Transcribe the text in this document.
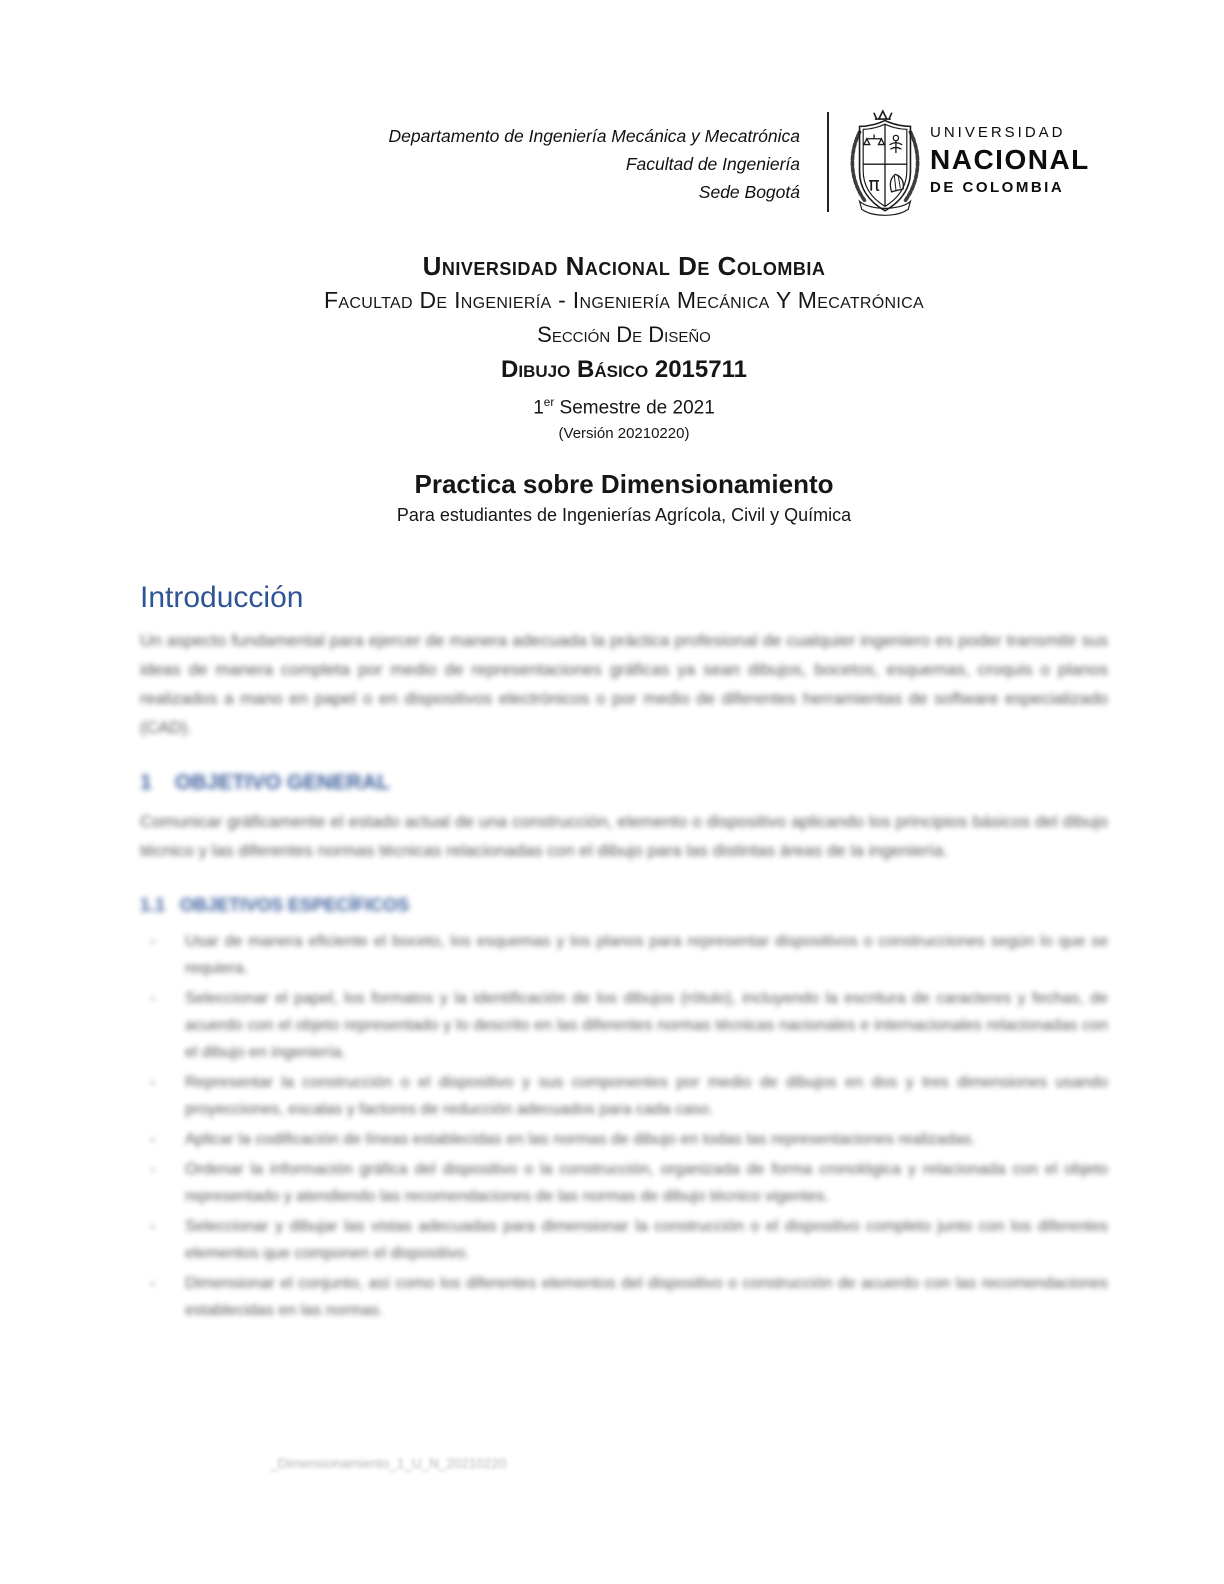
Departamento de Ingeniería Mecánica y Mecatrónica
Facultad de Ingeniería
Sede Bogotá	π
UNIVERSIDAD
NACIONAL
DE COLOMBIA
Universidad Nacional De Colombia
Facultad De Ingeniería - Ingeniería Mecánica Y Mecatrónica
Sección De Diseño
Dibujo Básico 2015711
1er Semestre de 2021
(Versión 20210220)
Practica sobre Dimensionamiento
Para estudiantes de Ingenierías Agrícola, Civil y Química
Introducción

Un aspecto fundamental para ejercer de manera adecuada la práctica profesional de cualquier ingeniero es poder transmitir sus ideas de manera completa por medio de representaciones gráficas ya sean dibujos, bocetos, esquemas, croquis o planos realizados a mano en papel o en dispositivos electrónicos o por medio de diferentes herramientas de software especializado (CAD).

1    OBJETIVO GENERAL

Comunicar gráficamente el estado actual de una construcción, elemento o dispositivo aplicando los principios básicos del dibujo técnico y las diferentes normas técnicas relacionadas con el dibujo para las distintas áreas de la ingeniería.

1.1   OBJETIVOS ESPECÍFICOS
-	Usar de manera eficiente el boceto, los esquemas y los planos para representar dispositivos o construcciones según lo que se requiera.
-	Seleccionar el papel, los formatos y la identificación de los dibujos (rótulo), incluyendo la escritura de caracteres y fechas, de acuerdo con el objeto representado y lo descrito en las diferentes normas técnicas nacionales e internacionales relacionadas con el dibujo en ingeniería.
-	Representar la construcción o el dispositivo y sus componentes por medio de dibujos en dos y tres dimensiones usando proyecciones, escalas y factores de reducción adecuados para cada caso.
-	Aplicar la codificación de líneas establecidas en las normas de dibujo en todas las representaciones realizadas.
-	Ordenar la información gráfica del dispositivo o la construcción, organizada de forma cronológica y relacionada con el objeto representado y atendiendo las recomendaciones de las normas de dibujo técnico vigentes.
-	Seleccionar y dibujar las vistas adecuadas para dimensionar la construcción o el dispositivo completo junto con los diferentes elementos que componen el dispositivo.
-	Dimensionar el conjunto, así como los diferentes elementos del dispositivo o construcción de acuerdo con las recomendaciones establecidas en las normas.
_Dimensionamiento_1_U_N_20210220
